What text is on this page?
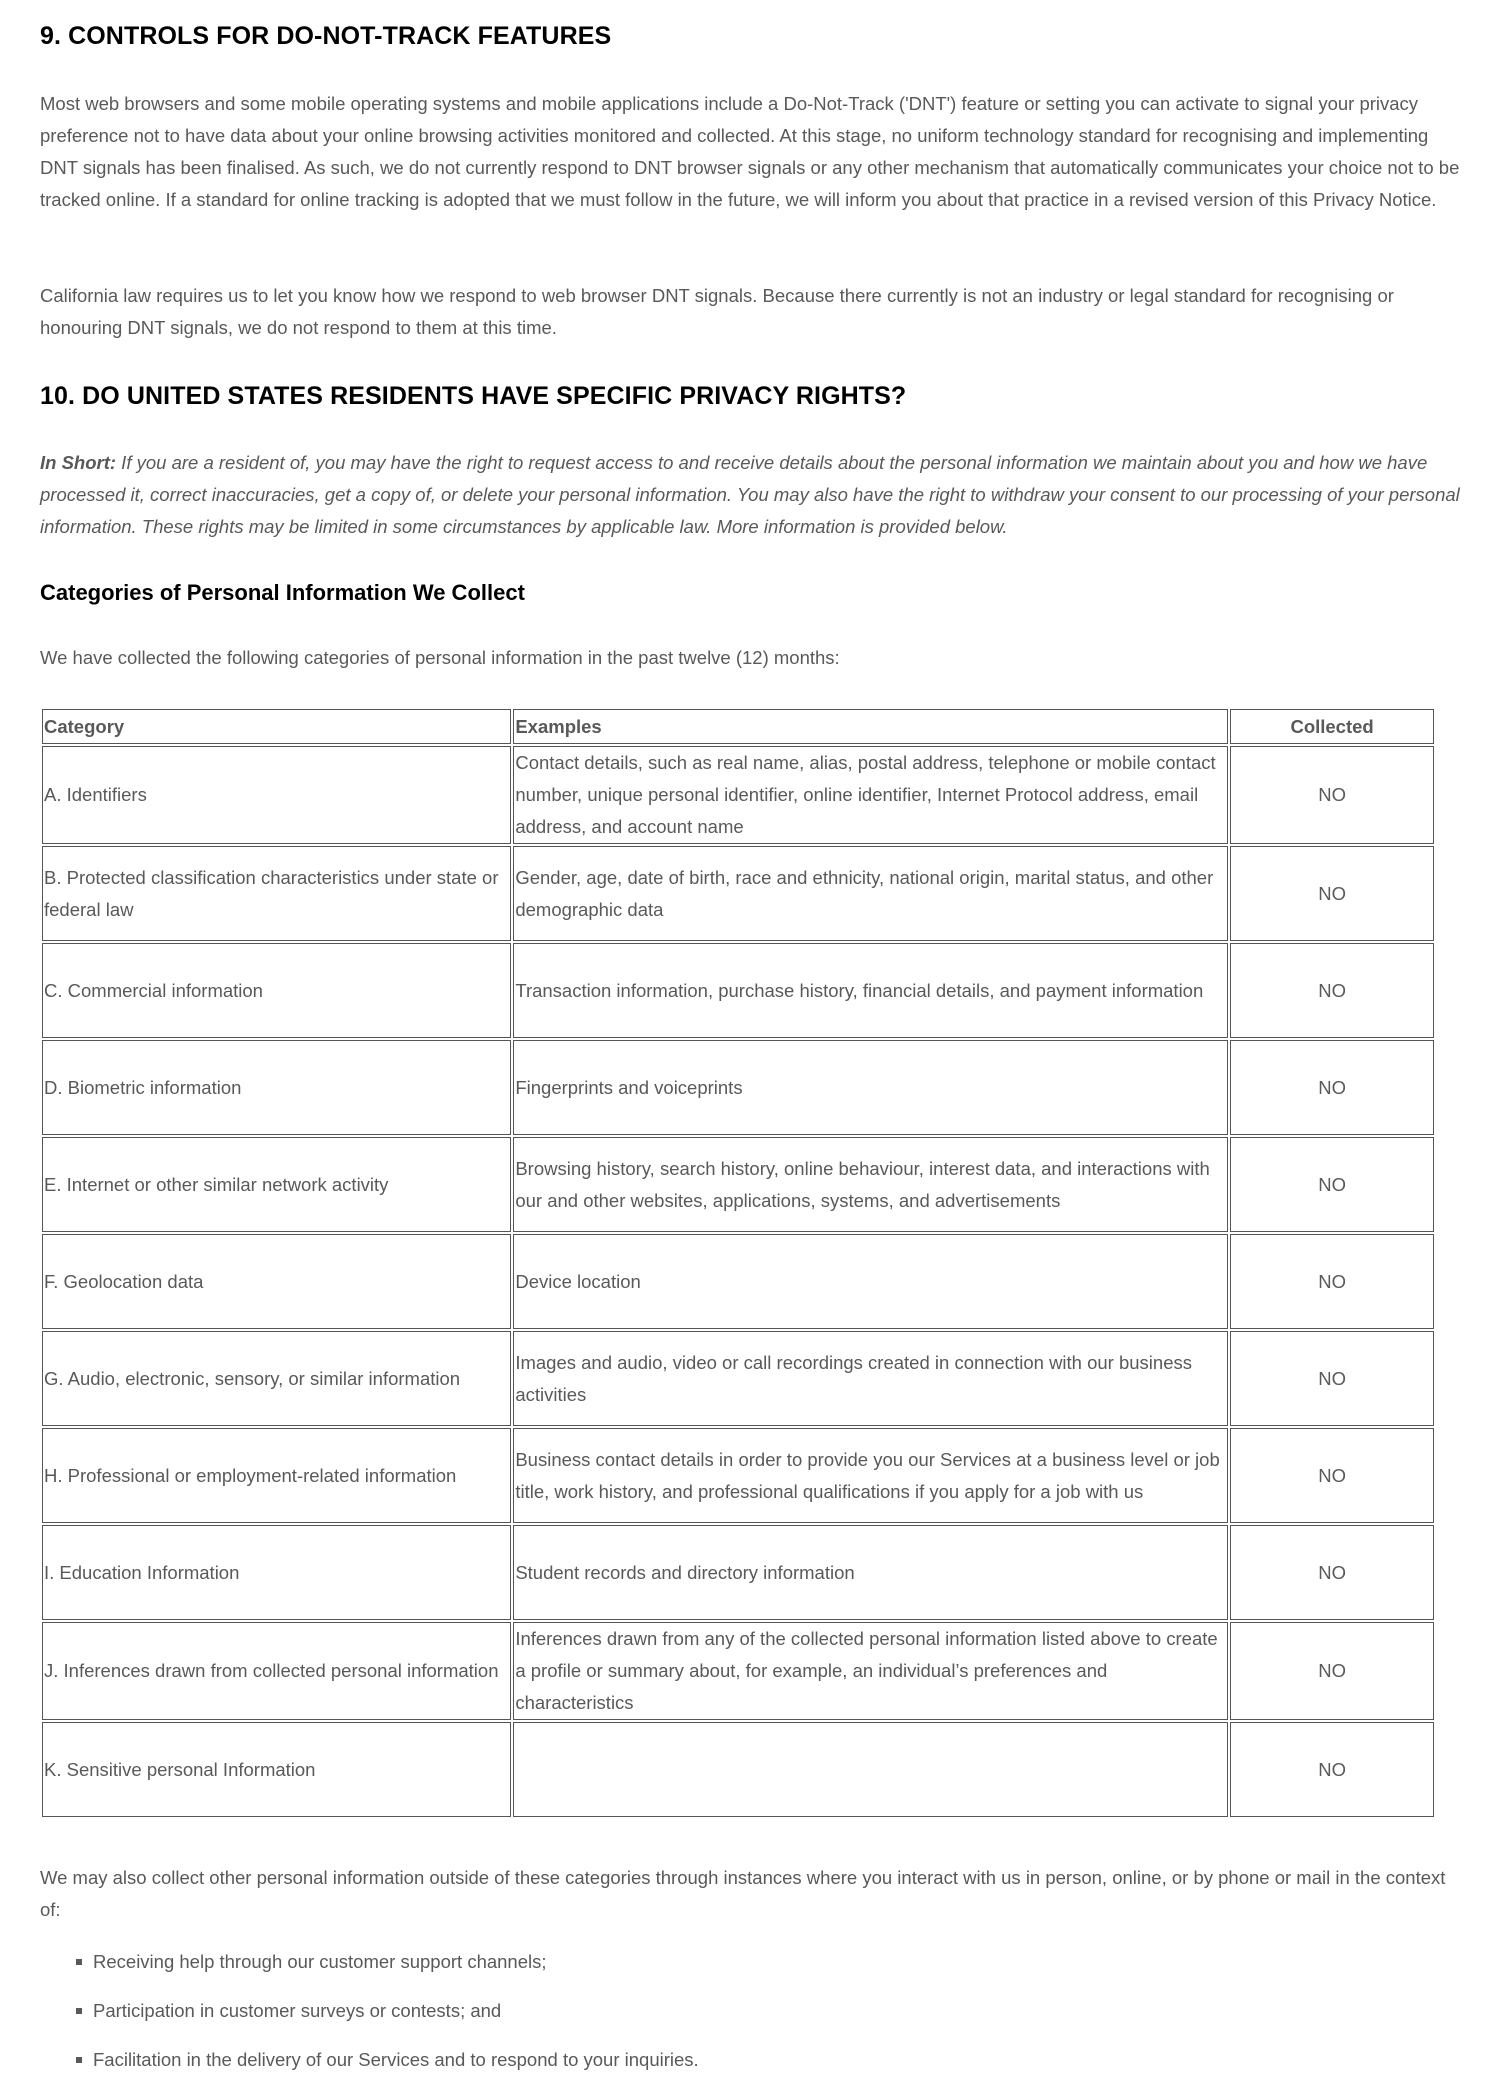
9. CONTROLS FOR DO-NOT-TRACK FEATURES

Most web browsers and some mobile operating systems and mobile applications include a Do-Not-Track ('DNT') feature or setting you can activate to signal your privacy preference not to have data about your online browsing activities monitored and collected. At this stage, no uniform technology standard for recognising and implementing DNT signals has been finalised. As such, we do not currently respond to DNT browser signals or any other mechanism that automatically communicates your choice not to be tracked online. If a standard for online tracking is adopted that we must follow in the future, we will inform you about that practice in a revised version of this Privacy Notice.

California law requires us to let you know how we respond to web browser DNT signals. Because there currently is not an industry or legal standard for recognising or honouring DNT signals, we do not respond to them at this time.

10. DO UNITED STATES RESIDENTS HAVE SPECIFIC PRIVACY RIGHTS?

In Short: If you are a resident of, you may have the right to request access to and receive details about the personal information we maintain about you and how we have processed it, correct inaccuracies, get a copy of, or delete your personal information. You may also have the right to withdraw your consent to our processing of your personal information. These rights may be limited in some circumstances by applicable law. More information is provided below.

Categories of Personal Information We Collect

We have collected the following categories of personal information in the past twelve (12) months:

Category	Examples	Collected
A. Identifiers	Contact details, such as real name, alias, postal address, telephone or mobile contact number, unique personal identifier, online identifier, Internet Protocol address, email address, and account name	NO
B. Protected classification characteristics under state or federal law	Gender, age, date of birth, race and ethnicity, national origin, marital status, and other demographic data	NO
C. Commercial information	Transaction information, purchase history, financial details, and payment information	NO
D. Biometric information	Fingerprints and voiceprints	NO
E. Internet or other similar network activity	Browsing history, search history, online behaviour, interest data, and interactions with our and other websites, applications, systems, and advertisements	NO
F. Geolocation data	Device location	NO
G. Audio, electronic, sensory, or similar information	Images and audio, video or call recordings created in connection with our business activities	NO
H. Professional or employment-related information	Business contact details in order to provide you our Services at a business level or job title, work history, and professional qualifications if you apply for a job with us	NO
I. Education Information	Student records and directory information	NO
J. Inferences drawn from collected personal information	Inferences drawn from any of the collected personal information listed above to create a profile or summary about, for example, an individual’s preferences and characteristics	NO
K. Sensitive personal Information		NO

We may also collect other personal information outside of these categories through instances where you interact with us in person, online, or by phone or mail in the context of:

Receiving help through our customer support channels;
Participation in customer surveys or contests; and
Facilitation in the delivery of our Services and to respond to your inquiries.
